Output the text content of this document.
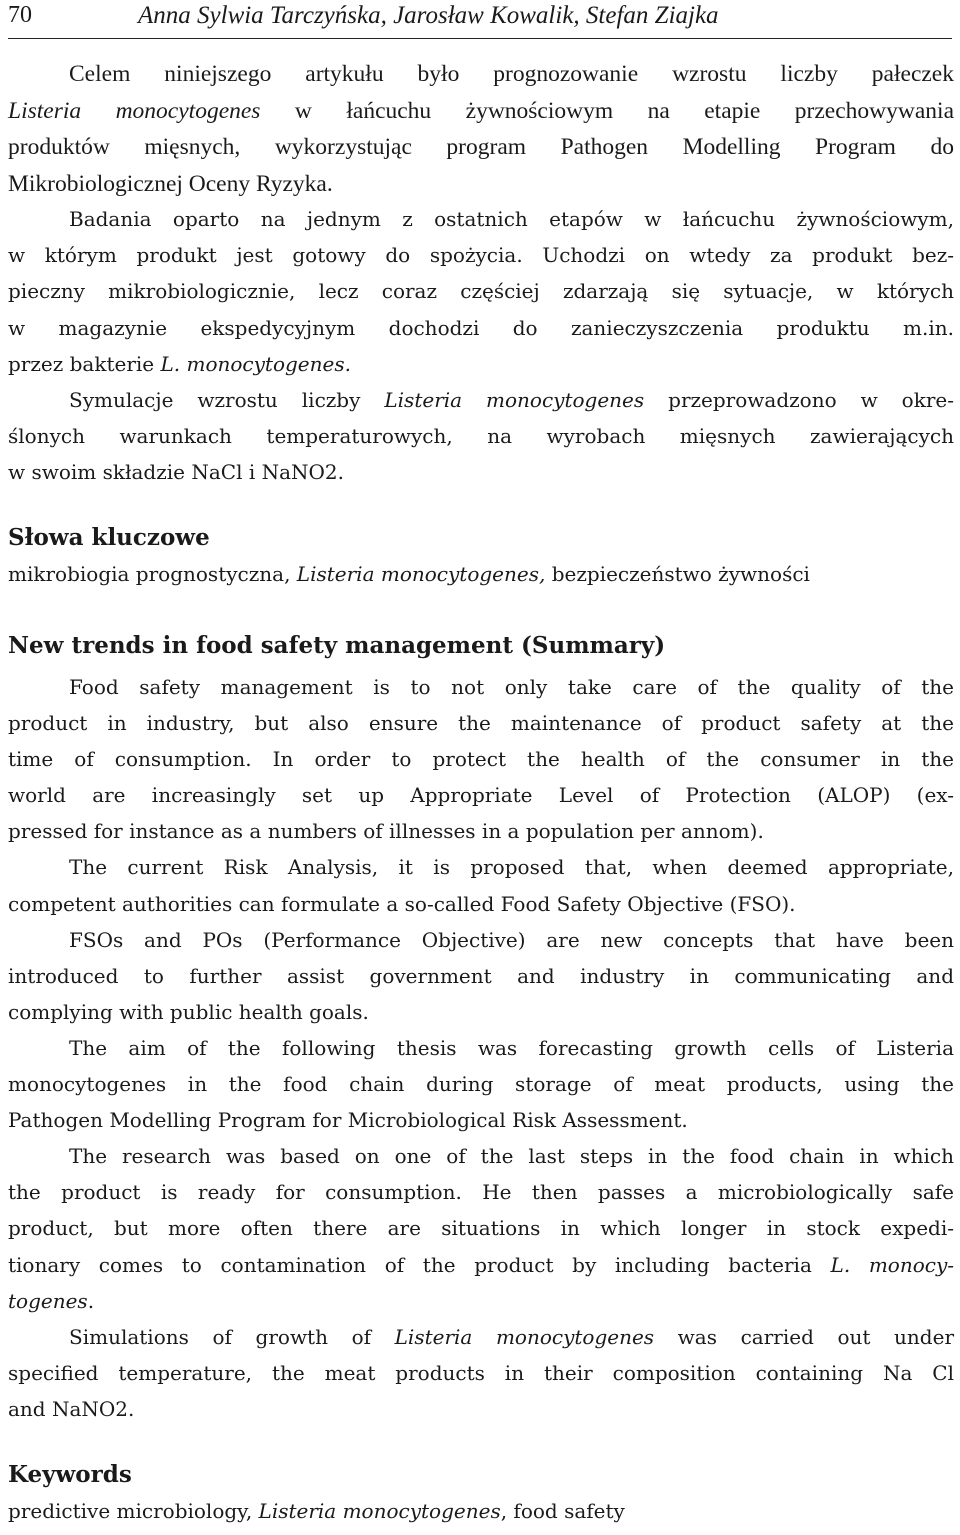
70	Anna Sylwia Tarczyńska, Jarosław Kowalik, Stefan Ziajka
Celem niniejszego artykułu było prognozowanie wzrostu liczby pałeczek
Listeria monocytogenes w łańcuchu żywnościowym na etapie przechowywania
produktów mięsnych, wykorzystując program Pathogen Modelling Program do
Mikrobiologicznej Oceny Ryzyka.
Badania oparto na jednym z ostatnich etapów w łańcuchu żywnościowym,
w którym produkt jest gotowy do spożycia. Uchodzi on wtedy za produkt bez-
pieczny mikrobiologicznie, lecz coraz częściej zdarzają się sytuacje, w których
w magazynie ekspedycyjnym dochodzi do zanieczyszczenia produktu m.in.
przez bakterie L. monocytogenes.
Symulacje wzrostu liczby Listeria monocytogenes przeprowadzono w okre-
ślonych warunkach temperaturowych, na wyrobach mięsnych zawierających
w swoim składzie NaCl i NaNO2.
Słowa kluczowe
mikrobiogia prognostyczna, Listeria monocytogenes, bezpieczeństwo żywności
New trends in food safety management (Summary)
Food safety management is to not only take care of the quality of the
product in industry, but also ensure the maintenance of product safety at the
time of consumption. In order to protect the health of the consumer in the
world are increasingly set up Appropriate Level of Protection (ALOP) (ex-
pressed for instance as a numbers of illnesses in a population per annom).
The current Risk Analysis, it is proposed that, when deemed appropriate,
competent authorities can formulate a so-called Food Safety Objective (FSO).
FSOs and POs (Performance Objective) are new concepts that have been
introduced to further assist government and industry in communicating and
complying with public health goals.
The aim of the following thesis was forecasting growth cells of Listeria
monocytogenes in the food chain during storage of meat products, using the
Pathogen Modelling Program for Microbiological Risk Assessment.
The research was based on one of the last steps in the food chain in which
the product is ready for consumption. He then passes a microbiologically safe
product, but more often there are situations in which longer in stock expedi-
tionary comes to contamination of the product by including bacteria L. monocy-
togenes.
Simulations of growth of Listeria monocytogenes was carried out under
specified temperature, the meat products in their composition containing Na Cl
and NaNO2.
Keywords
predictive microbiology, Listeria monocytogenes, food safety
